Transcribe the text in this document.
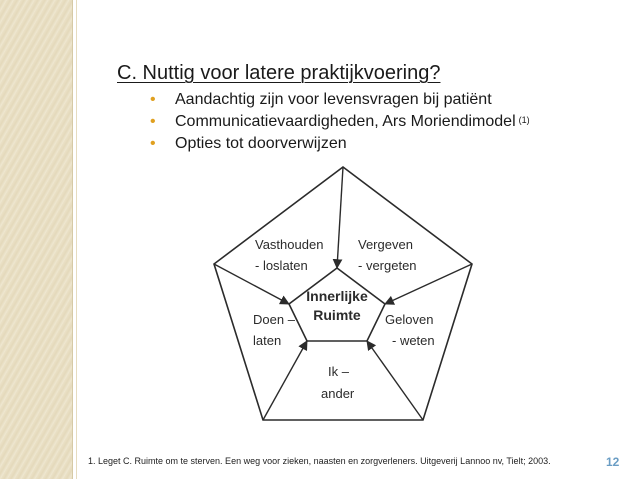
C. Nuttig voor latere praktijkvoering?
• Aandachtig zijn voor levensvragen bij patiënt
• Communicatievaardigheden, Ars Moriendimodel $^{(1)}$
• Opties tot doorverwijzen
Vasthouden
- loslaten
Vergeven
- vergeten
Doen –
laten
Geloven
- weten
Ik –
ander
Innerlijke
Ruimte
1. Leget C. Ruimte om te sterven. Een weg voor zieken, naasten en zorgverleners. Uitgeverij Lannoo nv, Tielt; 2003.	12
